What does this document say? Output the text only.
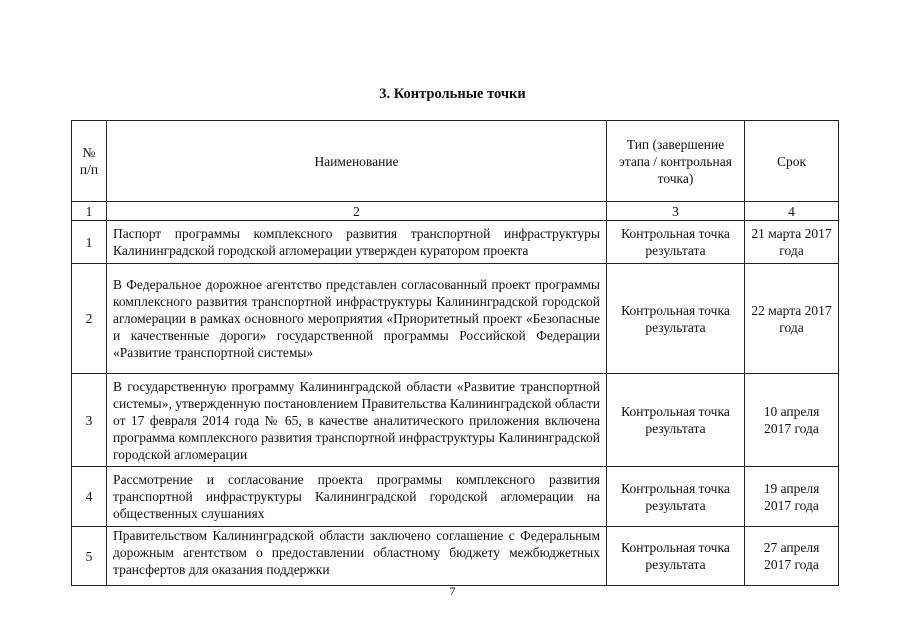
3. Контрольные точки
№ п/п	Наименование	Тип (завершение этапа / контрольная точка)	Срок
1	2	3	4
1	Паспорт программы комплексного развития транспортной инфраструктуры Калининградской городской агломерации утвержден куратором проекта	Контрольная точка результата	21 марта 2017 года
2	В Федеральное дорожное агентство представлен согласованный проект программы комплексного развития транспортной инфраструктуры Калининградской городской агломерации в рамках основного мероприятия «Приоритетный проект «Безопасные и качественные дороги» государственной программы Российской Федерации «Развитие транспортной системы»	Контрольная точка результата	22 марта 2017 года
3	В государственную программу Калининградской области «Развитие транспортной системы», утвержденную постановлением Правительства Калининградской области от 17 февраля 2014 года № 65, в качестве аналитического приложения включена программа комплексного развития транспортной инфраструктуры Калининградской городской агломерации	Контрольная точка результата	10 апреля 2017 года
4	Рассмотрение и согласование проекта программы комплексного развития транспортной инфраструктуры Калининградской городской агломерации на общественных слушаниях	Контрольная точка результата	19 апреля 2017 года
5	Правительством Калининградской области заключено соглашение с Федеральным дорожным агентством о предоставлении областному бюджету межбюджетных трансфертов для оказания поддержки	Контрольная точка результата	27 апреля 2017 года
7
